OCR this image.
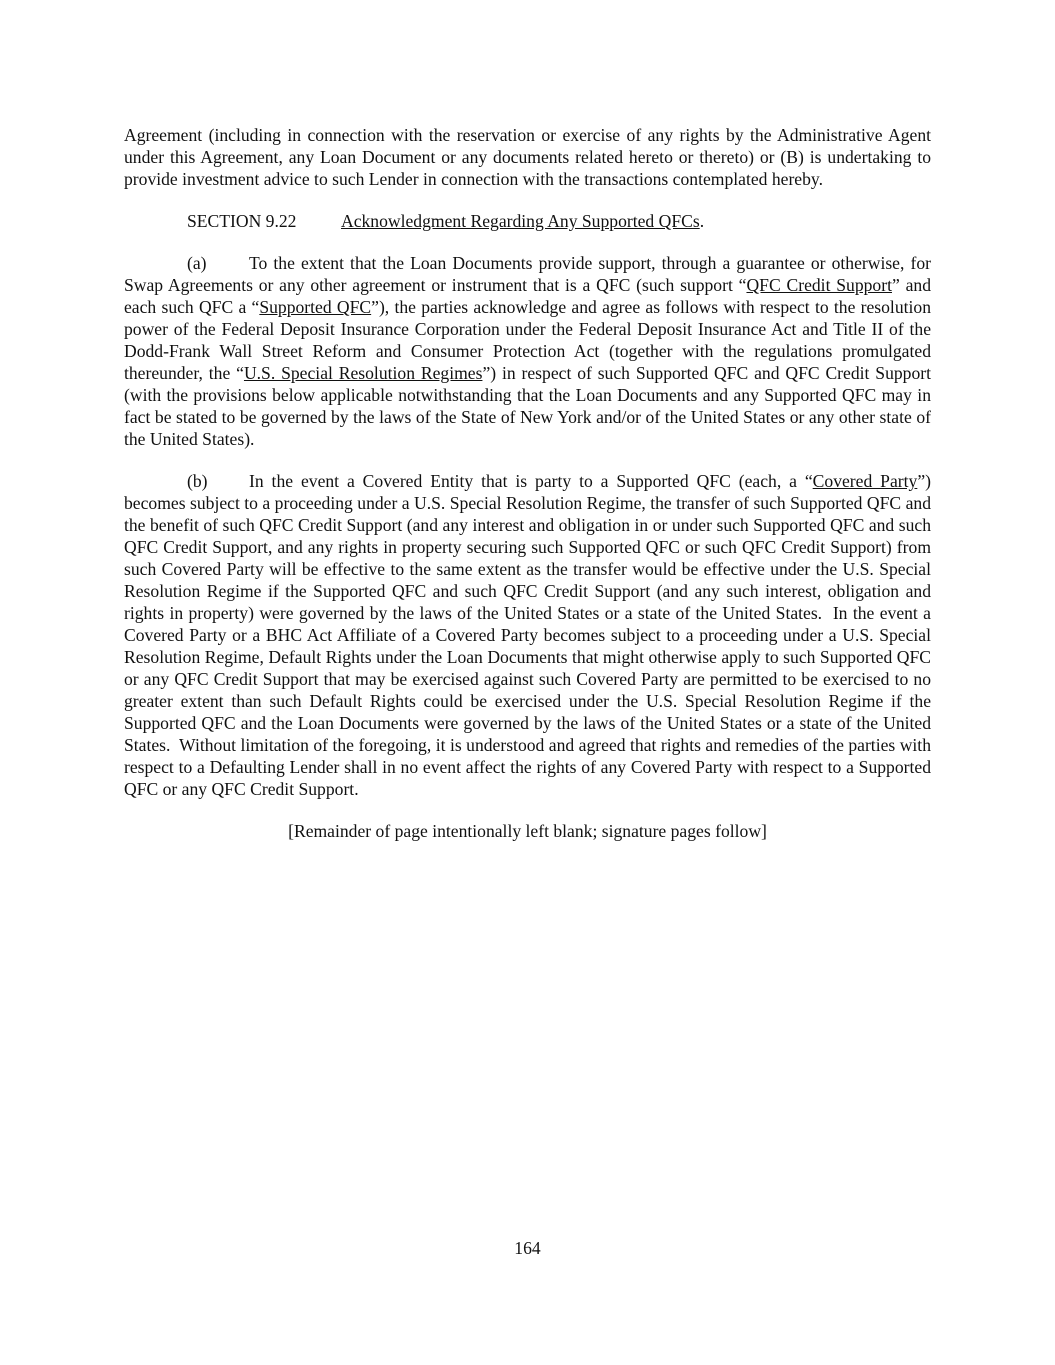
Agreement (including in connection with the reservation or exercise of any rights by the Administrative Agent under this Agreement, any Loan Document or any documents related hereto or thereto) or (B) is undertaking to provide investment advice to such Lender in connection with the transactions contemplated hereby.

SECTION 9.22	Acknowledgment Regarding Any Supported QFCs.

(a) To the extent that the Loan Documents provide support, through a guarantee or otherwise, for Swap Agreements or any other agreement or instrument that is a QFC (such support “QFC Credit Support” and each such QFC a “Supported QFC”), the parties acknowledge and agree as follows with respect to the resolution power of the Federal Deposit Insurance Corporation under the Federal Deposit Insurance Act and Title II of the Dodd-Frank Wall Street Reform and Consumer Protection Act (together with the regulations promulgated thereunder, the “U.S. Special Resolution Regimes”) in respect of such Supported QFC and QFC Credit Support (with the provisions below applicable notwithstanding that the Loan Documents and any Supported QFC may in fact be stated to be governed by the laws of the State of New York and/or of the United States or any other state of the United States).

(b) In the event a Covered Entity that is party to a Supported QFC (each, a “Covered Party”) becomes subject to a proceeding under a U.S. Special Resolution Regime, the transfer of such Supported QFC and the benefit of such QFC Credit Support (and any interest and obligation in or under such Supported QFC and such QFC Credit Support, and any rights in property securing such Supported QFC or such QFC Credit Support) from such Covered Party will be effective to the same extent as the transfer would be effective under the U.S. Special Resolution Regime if the Supported QFC and such QFC Credit Support (and any such interest, obligation and rights in property) were governed by the laws of the United States or a state of the United States.  In the event a Covered Party or a BHC Act Affiliate of a Covered Party becomes subject to a proceeding under a U.S. Special Resolution Regime, Default Rights under the Loan Documents that might otherwise apply to such Supported QFC or any QFC Credit Support that may be exercised against such Covered Party are permitted to be exercised to no greater extent than such Default Rights could be exercised under the U.S. Special Resolution Regime if the Supported QFC and the Loan Documents were governed by the laws of the United States or a state of the United States.  Without limitation of the foregoing, it is understood and agreed that rights and remedies of the parties with respect to a Defaulting Lender shall in no event affect the rights of any Covered Party with respect to a Supported QFC or any QFC Credit Support.

[Remainder of page intentionally left blank; signature pages follow]

164
